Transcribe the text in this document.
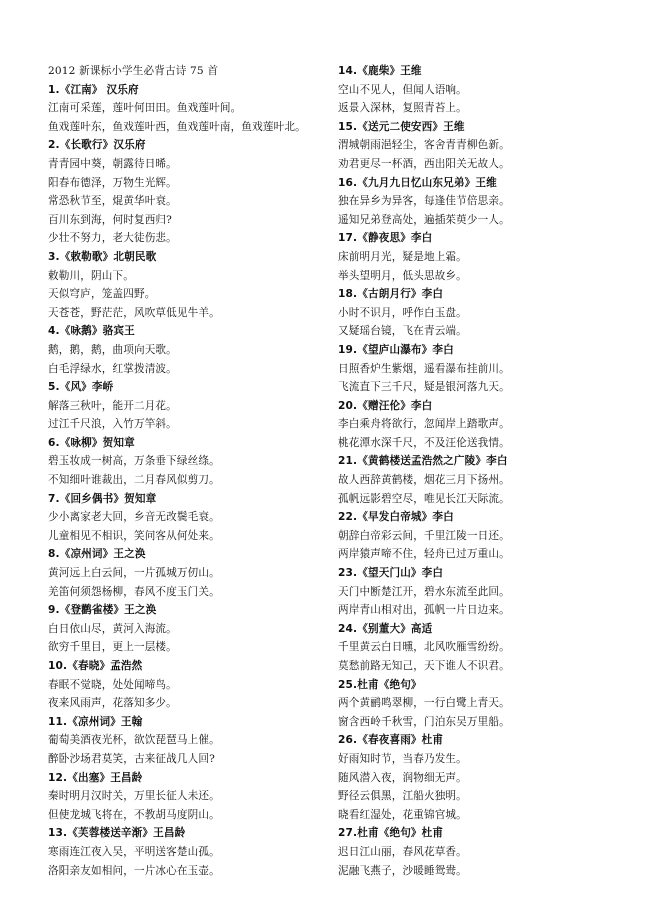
2012 新课标小学生必背古诗 75 首
1.《江南》 汉乐府
江南可采莲，莲叶何田田。鱼戏莲叶间。
鱼戏莲叶东，鱼戏莲叶西，鱼戏莲叶南，鱼戏莲叶北。
2.《长歌行》汉乐府
青青园中葵，朝露待日晞。
阳春布德泽，万物生光辉。
常恐秋节至，焜黄华叶衰。
百川东到海，何时复西归?
少壮不努力，老大徒伤悲。
3.《敕勒歌》北朝民歌
敕勒川，阴山下。
天似穹庐，笼盖四野。
天苍苍，野茫茫，风吹草低见牛羊。
4.《咏鹅》骆宾王
鹅，鹅，鹅，曲项向天歌。
白毛浮绿水，红掌拨清波。
5.《风》李峤
解落三秋叶，能开二月花。
过江千尺浪，入竹万竿斜。
6.《咏柳》贺知章
碧玉妆成一树高，万条垂下绿丝绦。
不知细叶谁裁出，二月春风似剪刀。
7.《回乡偶书》贺知章
少小离家老大回，乡音无改鬓毛衰。
儿童相见不相识，笑问客从何处来。
8.《凉州词》王之涣
黄河远上白云间，一片孤城万仞山。
羌笛何须怨杨柳，春风不度玉门关。
9.《登鹳雀楼》王之涣
白日依山尽，黄河入海流。
欲穷千里目，更上一层楼。
10.《春晓》孟浩然
春眠不觉晓，处处闻啼鸟。
夜来风雨声，花落知多少。
11.《凉州词》王翰
葡萄美酒夜光杯，欲饮琵琶马上催。
醉卧沙场君莫笑，古来征战几人回?
12.《出塞》王昌龄
秦时明月汉时关，万里长征人未还。
但使龙城飞将在，不教胡马度阴山。
13.《芙蓉楼送辛渐》王昌龄
寒雨连江夜入吴，平明送客楚山孤。
洛阳亲友如相问，一片冰心在玉壶。
14.《鹿柴》王维
空山不见人，但闻人语响。
返景入深林，复照青苔上。
15.《送元二使安西》王维
渭城朝雨浥轻尘，客舍青青柳色新。
劝君更尽一杯酒，西出阳关无故人。
16.《九月九日忆山东兄弟》王维
独在异乡为异客，每逢佳节倍思亲。
遥知兄弟登高处，遍插茱萸少一人。
17.《静夜思》李白
床前明月光，疑是地上霜。
举头望明月，低头思故乡。
18.《古朗月行》李白
小时不识月，呼作白玉盘。
又疑瑶台镜，飞在青云端。
19.《望庐山瀑布》李白
日照香炉生紫烟，遥看瀑布挂前川。
飞流直下三千尺，疑是银河落九天。
20.《赠汪伦》李白
李白乘舟将欲行，忽闻岸上踏歌声。
桃花潭水深千尺，不及汪伦送我情。
21.《黄鹤楼送孟浩然之广陵》李白
故人西辞黄鹤楼，烟花三月下扬州。
孤帆远影碧空尽，唯见长江天际流。
22.《早发白帝城》李白
朝辞白帝彩云间，千里江陵一日还。
两岸猿声啼不住，轻舟已过万重山。
23.《望天门山》李白
天门中断楚江开，碧水东流至此回。
两岸青山相对出，孤帆一片日边来。
24.《别董大》高适
千里黄云白日曛，北风吹雁雪纷纷。
莫愁前路无知己，天下谁人不识君。
25.杜甫《绝句》
两个黄鹂鸣翠柳，一行白鹭上青天。
窗含西岭千秋雪，门泊东吴万里船。
26.《春夜喜雨》杜甫
好雨知时节，当春乃发生。
随风潜入夜，润物细无声。
野径云俱黑，江船火独明。
晓看红湿处，花重锦官城。
27.杜甫《绝句》杜甫
迟日江山丽，春风花草香。
泥融飞燕子，沙暖睡鸳鸯。
